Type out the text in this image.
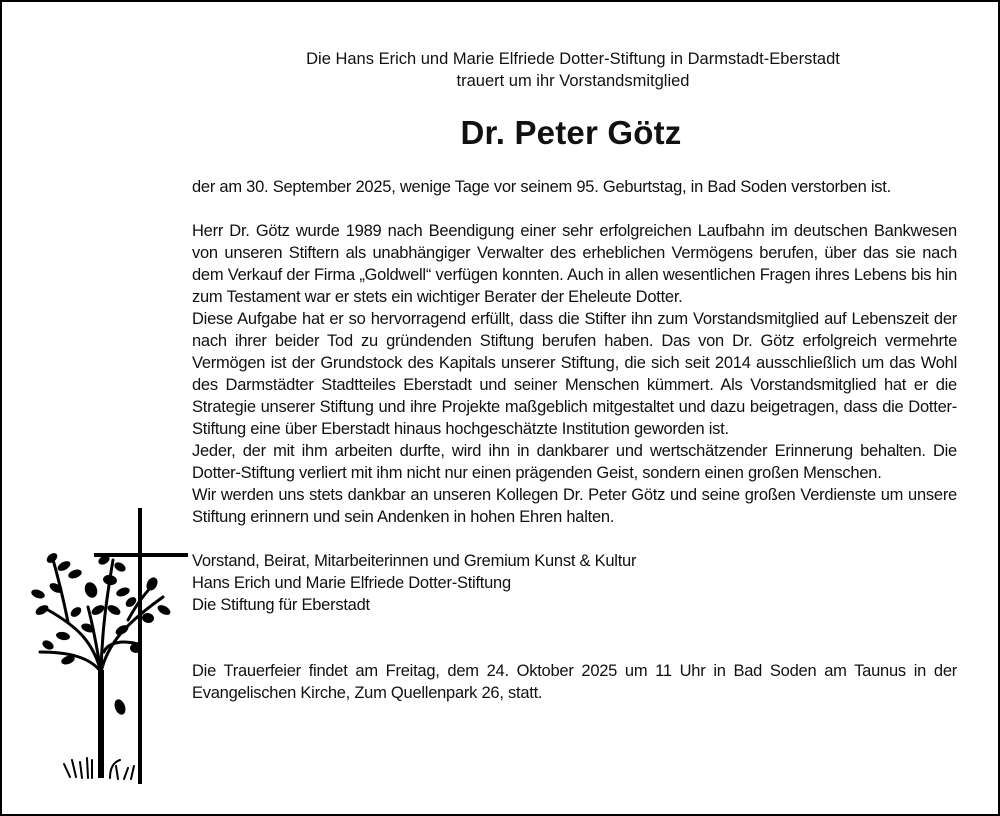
Die Hans Erich und Marie Elfriede Dotter-Stiftung in Darmstadt-Eberstadt
trauert um ihr Vorstandsmitglied
Dr. Peter Götz

der am 30. September 2025, wenige Tage vor seinem 95. Geburtstag, in Bad Soden verstorben ist.

Herr Dr. Götz wurde 1989 nach Beendigung einer sehr erfolgreichen Laufbahn im deutschen Bankwesen von unseren Stiftern als unabhängiger Verwalter des erheblichen Vermögens berufen, über das sie nach dem Verkauf der Firma „Goldwell“ verfügen konnten. Auch in allen wesentlichen Fragen ihres Lebens bis hin zum Testament war er stets ein wichtiger Berater der Eheleute Dotter.

Diese Aufgabe hat er so hervorragend erfüllt, dass die Stifter ihn zum Vorstandsmitglied auf Lebenszeit der nach ihrer beider Tod zu gründenden Stiftung berufen haben. Das von Dr. Götz erfolgreich vermehrte Vermögen ist der Grundstock des Kapitals unserer Stiftung, die sich seit 2014 ausschließlich um das Wohl des Darmstädter Stadtteiles Eberstadt und seiner Menschen kümmert. Als Vorstandsmitglied hat er die Strategie unserer Stiftung und ihre Projekte maßgeblich mitgestaltet und dazu beigetragen, dass die Dotter-Stiftung eine über Eberstadt hinaus hochgeschätzte Institution geworden ist.

Jeder, der mit ihm arbeiten durfte, wird ihn in dankbarer und wertschätzender Erinnerung behalten. Die Dotter-Stiftung verliert mit ihm nicht nur einen prägenden Geist, sondern einen großen Menschen.

Wir werden uns stets dankbar an unseren Kollegen Dr. Peter Götz und seine großen Verdienste um unsere Stiftung erinnern und sein Andenken in hohen Ehren halten.

Vorstand, Beirat, Mitarbeiterinnen und Gremium Kunst & Kultur

Hans Erich und Marie Elfriede Dotter-Stiftung

Die Stiftung für Eberstadt

Die Trauerfeier findet am Freitag, dem 24. Oktober 2025 um 11 Uhr in Bad Soden am Taunus in der Evangelischen Kirche, Zum Quellenpark 26, statt.
